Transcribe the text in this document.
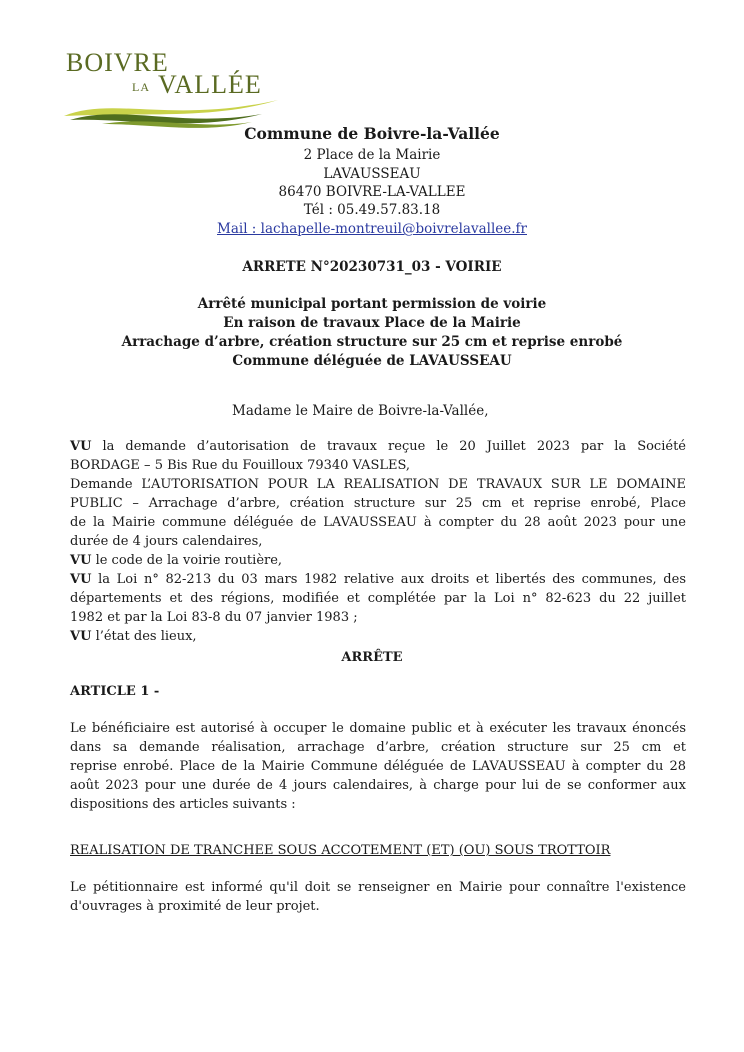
BOIVRE
LA VALLÉE
Commune de Boivre-la-Vallée
2 Place de la Mairie
LAVAUSSEAU
86470 BOIVRE-LA-VALLEE
Tél : 05.49.57.83.18
Mail : lachapelle-montreuil@boivrelavallee.fr
ARRETE N°20230731_03 - VOIRIE
Arrêté municipal portant permission de voirie
En raison de travaux Place de la Mairie
Arrachage d’arbre, création structure sur 25 cm et reprise enrobé
Commune déléguée de LAVAUSSEAU
Madame le Maire de Boivre-la-Vallée,
VU la demande d’autorisation de travaux reçue le 20 Juillet 2023 par la Société
BORDAGE – 5 Bis Rue du Fouilloux 79340 VASLES,
Demande L’AUTORISATION POUR LA REALISATION DE TRAVAUX SUR LE DOMAINE
PUBLIC – Arrachage d’arbre, création structure sur 25 cm et reprise enrobé, Place
de la Mairie commune déléguée de LAVAUSSEAU à compter du 28 août 2023 pour une
durée de 4 jours calendaires,
VU le code de la voirie routière,
VU la Loi n° 82-213 du 03 mars 1982 relative aux droits et libertés des communes, des
départements et des régions, modifiée et complétée par la Loi n° 82-623 du 22 juillet
1982 et par la Loi 83-8 du 07 janvier 1983 ;
VU l’état des lieux,
ARRÊTE
ARTICLE 1 -
Le bénéficiaire est autorisé à occuper le domaine public et à exécuter les travaux énoncés
dans sa demande réalisation, arrachage d’arbre, création structure sur 25 cm et
reprise enrobé. Place de la Mairie Commune déléguée de LAVAUSSEAU à compter du 28
août 2023 pour une durée de 4 jours calendaires, à charge pour lui de se conformer aux
dispositions des articles suivants :
REALISATION DE TRANCHEE SOUS ACCOTEMENT (ET) (OU) SOUS TROTTOIR
Le pétitionnaire est informé qu'il doit se renseigner en Mairie pour connaître l'existence
d'ouvrages à proximité de leur projet.
